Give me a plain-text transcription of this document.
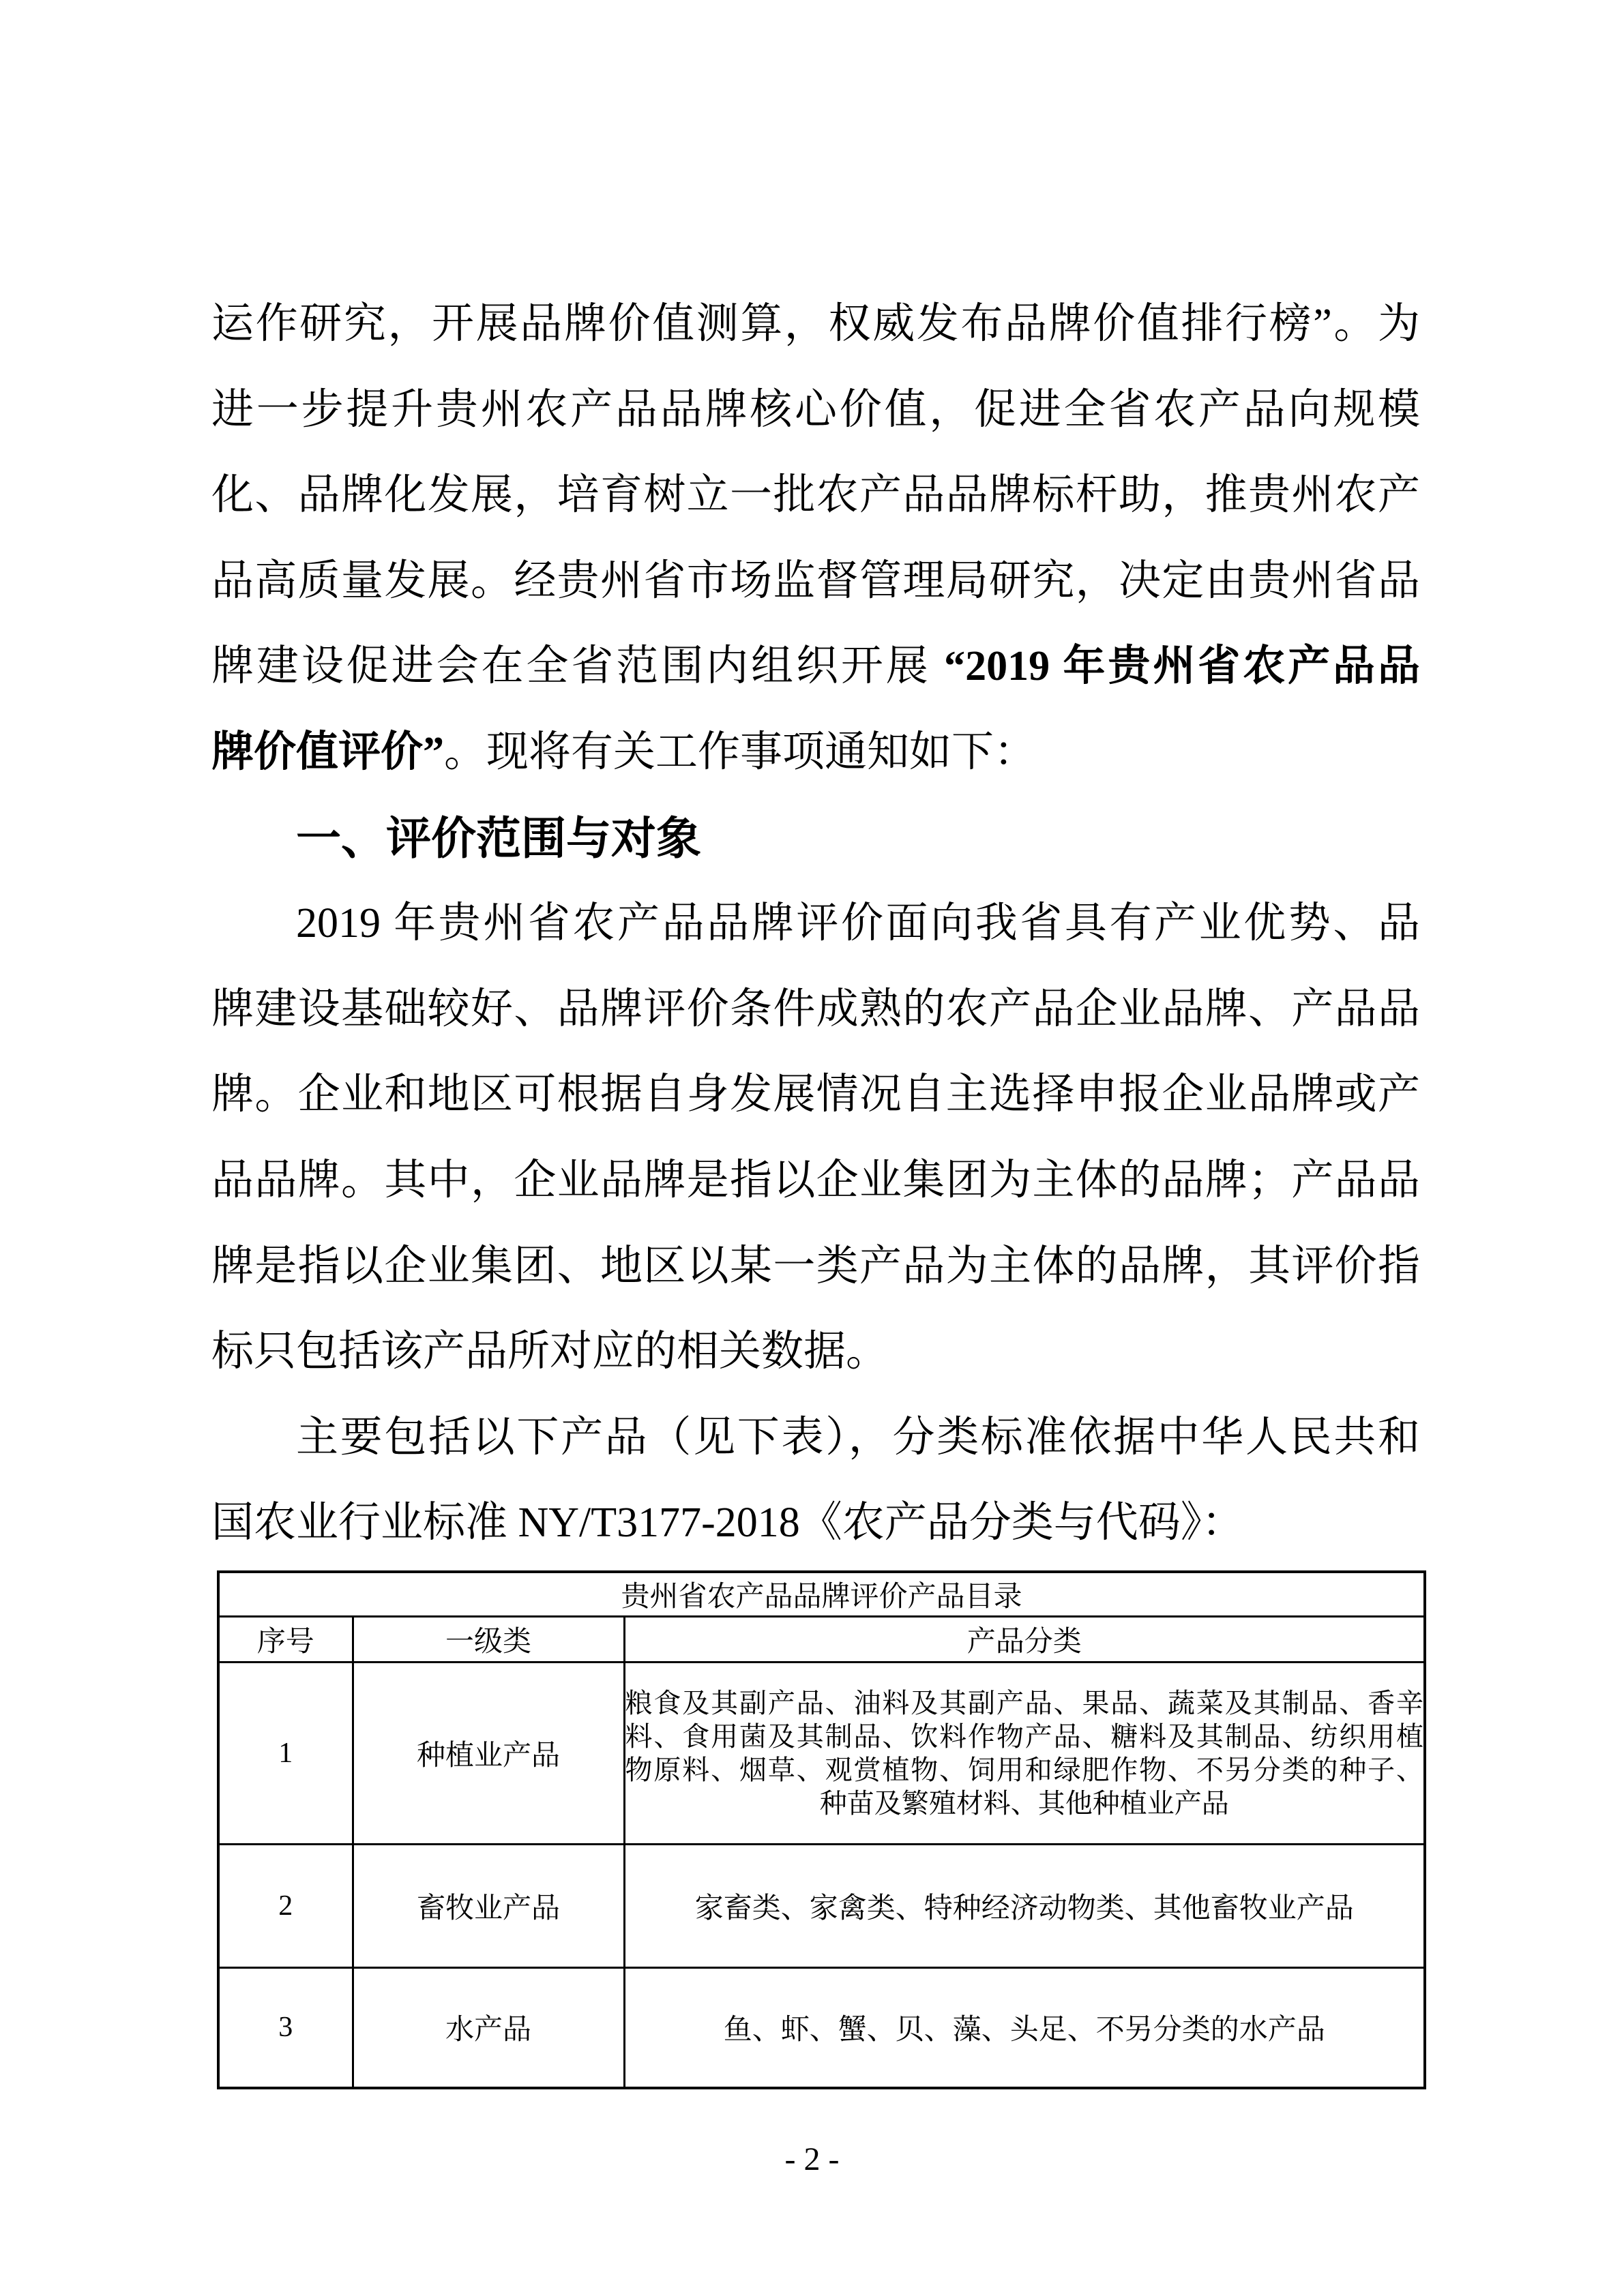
运作研究，开展品牌价值测算，权威发布品牌价值排行榜”。为
进一步提升贵州农产品品牌核心价值，促进全省农产品向规模
化、品牌化发展，培育树立一批农产品品牌标杆助，推贵州农产
品高质量发展。经贵州省市场监督管理局研究，决定由贵州省品
牌建设促进会在全省范围内组织开展 “2019 年贵州省农产品品
牌价值评价”。现将有关工作事项通知如下：
一、评价范围与对象
2019 年贵州省农产品品牌评价面向我省具有产业优势、品
牌建设基础较好、品牌评价条件成熟的农产品企业品牌、产品品
牌。企业和地区可根据自身发展情况自主选择申报企业品牌或产
品品牌。其中，企业品牌是指以企业集团为主体的品牌；产品品
牌是指以企业集团、地区以某一类产品为主体的品牌，其评价指
标只包括该产品所对应的相关数据。
主要包括以下产品（见下表），分类标准依据中华人民共和
国农业行业标准 NY/T3177-2018《农产品分类与代码》：
贵州省农产品品牌评价产品目录		
序号	一级类	产品分类
1	种植业产品	粮食及其副产品、油料及其副产品、果品、蔬菜及其制品、香辛
料、食用菌及其制品、饮料作物产品、糖料及其制品、纺织用植
物原料、烟草、观赏植物、饲用和绿肥作物、不另分类的种子、
种苗及繁殖材料、其他种植业产品

2	畜牧业产品	家畜类、家禽类、特种经济动物类、其他畜牧业产品
3	水产品	鱼、虾、蟹、贝、藻、头足、不另分类的水产品
- 2 -
